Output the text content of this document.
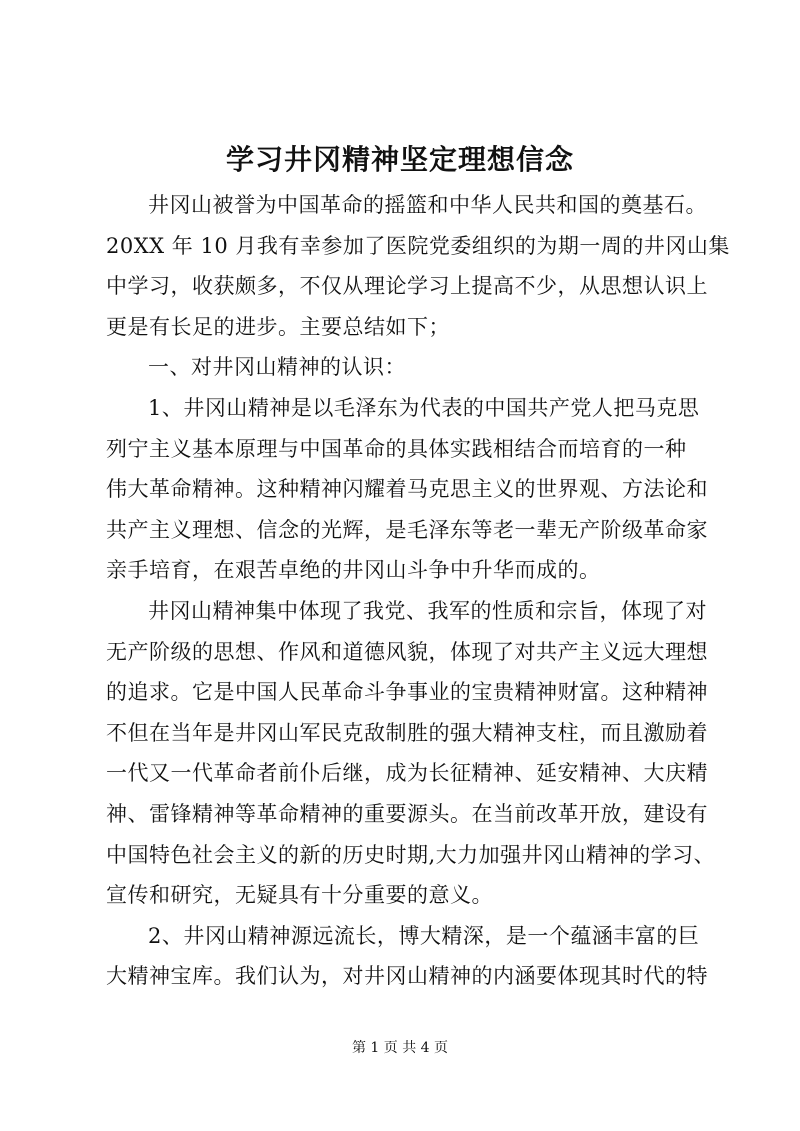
学习井冈精神坚定理想信念
井冈山被誉为中国革命的摇篮和中华人民共和国的奠基石。
20XX 年 10 月我有幸参加了医院党委组织的为期一周的井冈山集
中学习，收获颇多，不仅从理论学习上提高不少，从思想认识上
更是有长足的进步。主要总结如下；
一、对井冈山精神的认识：
1、井冈山精神是以毛泽东为代表的中国共产党人把马克思
列宁主义基本原理与中国革命的具体实践相结合而培育的一种
伟大革命精神。这种精神闪耀着马克思主义的世界观、方法论和
共产主义理想、信念的光辉，是毛泽东等老一辈无产阶级革命家
亲手培育，在艰苦卓绝的井冈山斗争中升华而成的。
井冈山精神集中体现了我党、我军的性质和宗旨，体现了对
无产阶级的思想、作风和道德风貌，体现了对共产主义远大理想
的追求。它是中国人民革命斗争事业的宝贵精神财富。这种精神
不但在当年是井冈山军民克敌制胜的强大精神支柱，而且激励着
一代又一代革命者前仆后继，成为长征精神、延安精神、大庆精
神、雷锋精神等革命精神的重要源头。在当前改革开放，建设有
中国特色社会主义的新的历史时期,大力加强井冈山精神的学习、
宣传和研究，无疑具有十分重要的意义。
2、井冈山精神源远流长，博大精深，是一个蕴涵丰富的巨
大精神宝库。我们认为，对井冈山精神的内涵要体现其时代的特
第 1 页 共 4 页
